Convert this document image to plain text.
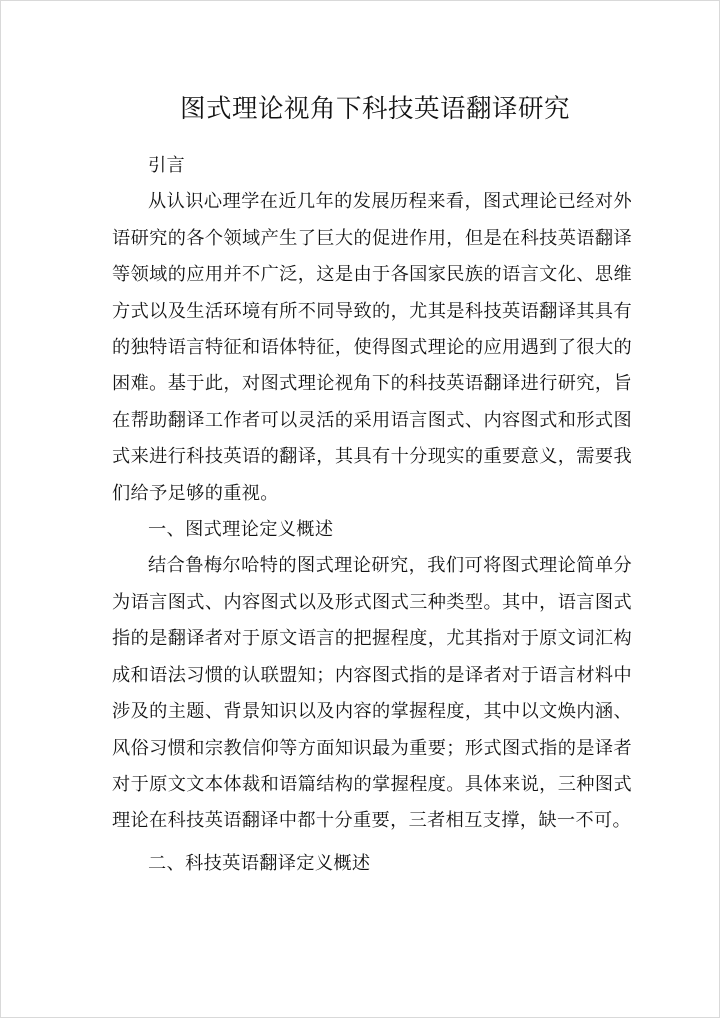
图式理论视角下科技英语翻译研究

引言

从认识心理学在近几年的发展历程来看，图式理论已经对外语研究的各个领域产生了巨大的促进作用，但是在科技英语翻译等领域的应用并不广泛，这是由于各国家民族的语言文化、思维方式以及生活环境有所不同导致的，尤其是科技英语翻译其具有的独特语言特征和语体特征，使得图式理论的应用遇到了很大的困难。基于此，对图式理论视角下的科技英语翻译进行研究，旨在帮助翻译工作者可以灵活的采用语言图式、内容图式和形式图式来进行科技英语的翻译，其具有十分现实的重要意义，需要我们给予足够的重视。

一、图式理论定义概述

结合鲁梅尔哈特的图式理论研究，我们可将图式理论简单分为语言图式、内容图式以及形式图式三种类型。其中，语言图式指的是翻译者对于原文语言的把握程度，尤其指对于原文词汇构成和语法习惯的认联盟知；内容图式指的是译者对于语言材料中涉及的主题、背景知识以及内容的掌握程度，其中以文焕内涵、风俗习惯和宗教信仰等方面知识最为重要；形式图式指的是译者对于原文文本体裁和语篇结构的掌握程度。具体来说，三种图式理论在科技英语翻译中都十分重要，三者相互支撑，缺一不可。

二、科技英语翻译定义概述
